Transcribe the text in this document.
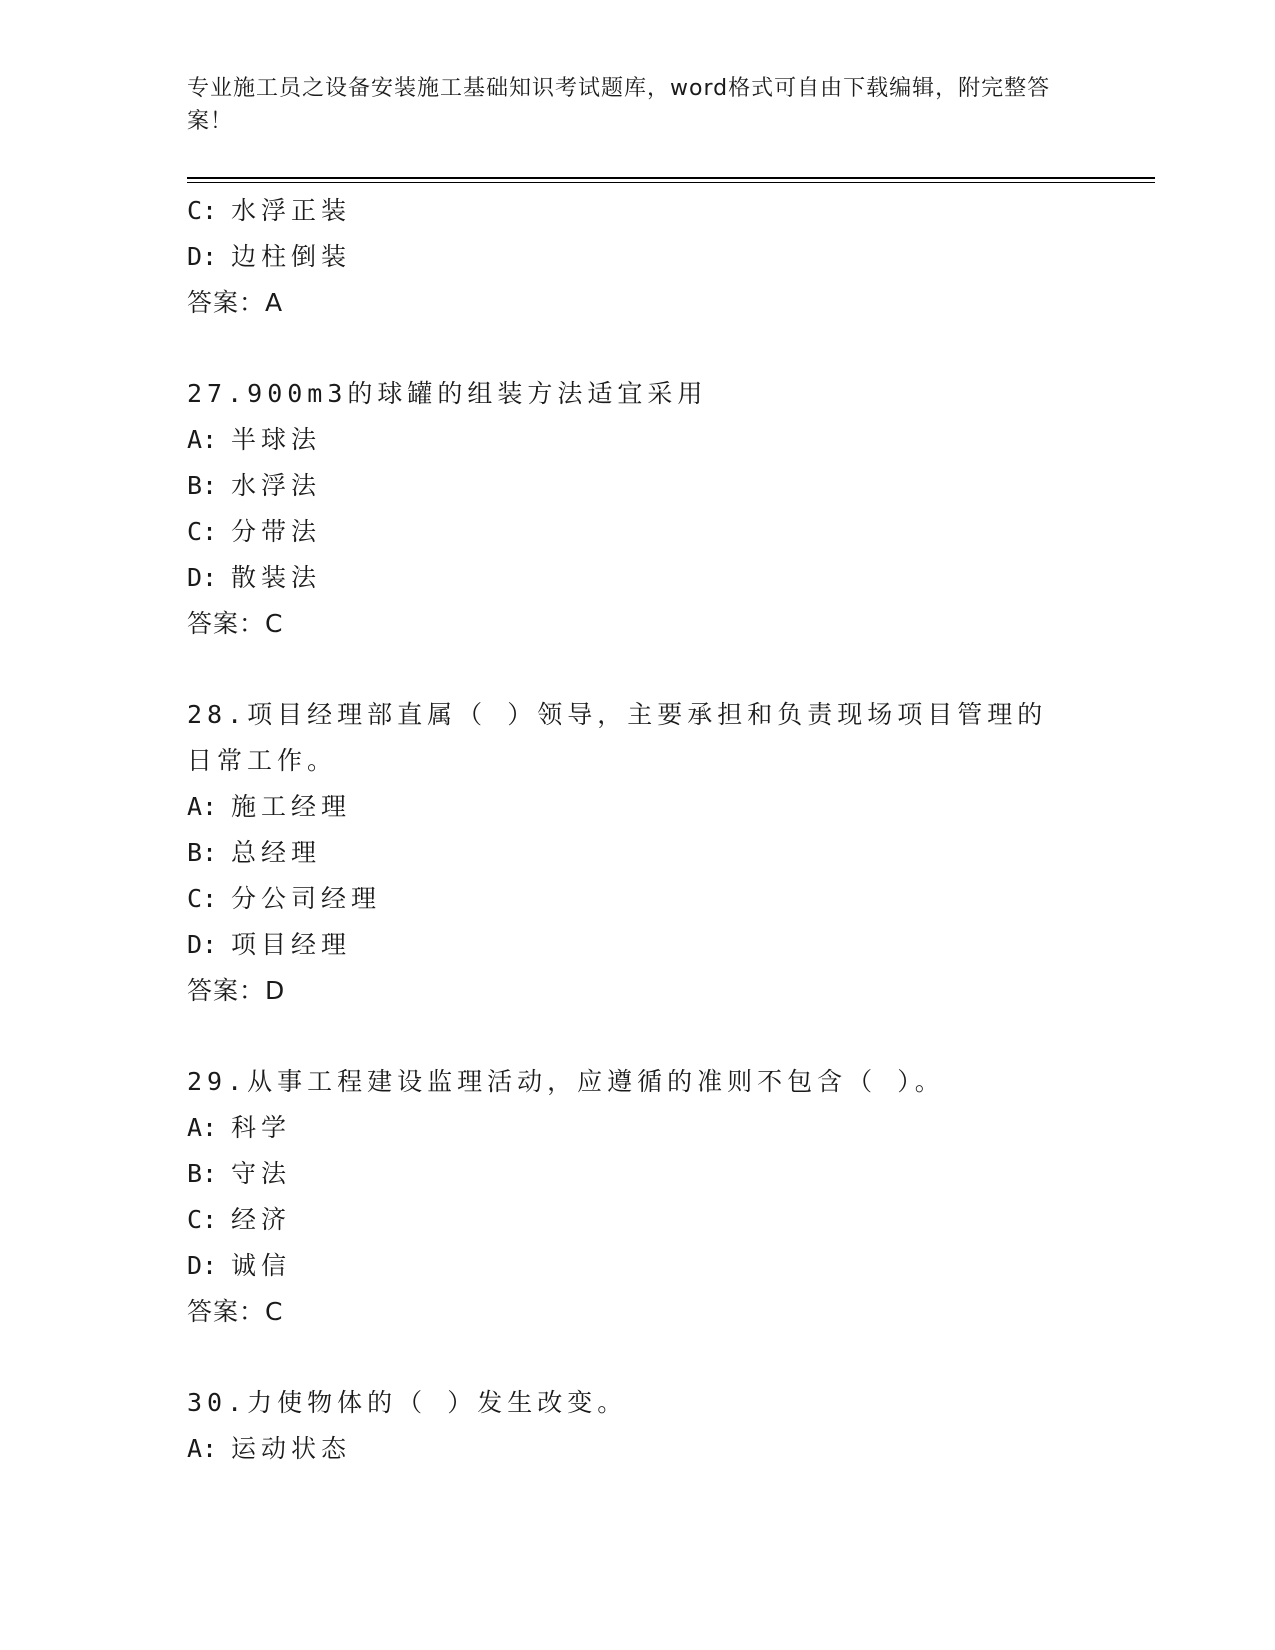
专业施工员之设备安装施工基础知识考试题库，word格式可自由下载编辑，附完整答案！
C: 水浮正装
D: 边柱倒装
答案：A
27.900m3的球罐的组装方法适宜采用
A: 半球法
B: 水浮法
C: 分带法
D: 散装法
答案：C
28.项目经理部直属（ ）领导，主要承担和负责现场项目管理的日常工作。
A: 施工经理
B: 总经理
C: 分公司经理
D: 项目经理
答案：D
29.从事工程建设监理活动，应遵循的准则不包含（ ）。
A: 科学
B: 守法
C: 经济
D: 诚信
答案：C
30.力使物体的（ ）发生改变。
A: 运动状态
